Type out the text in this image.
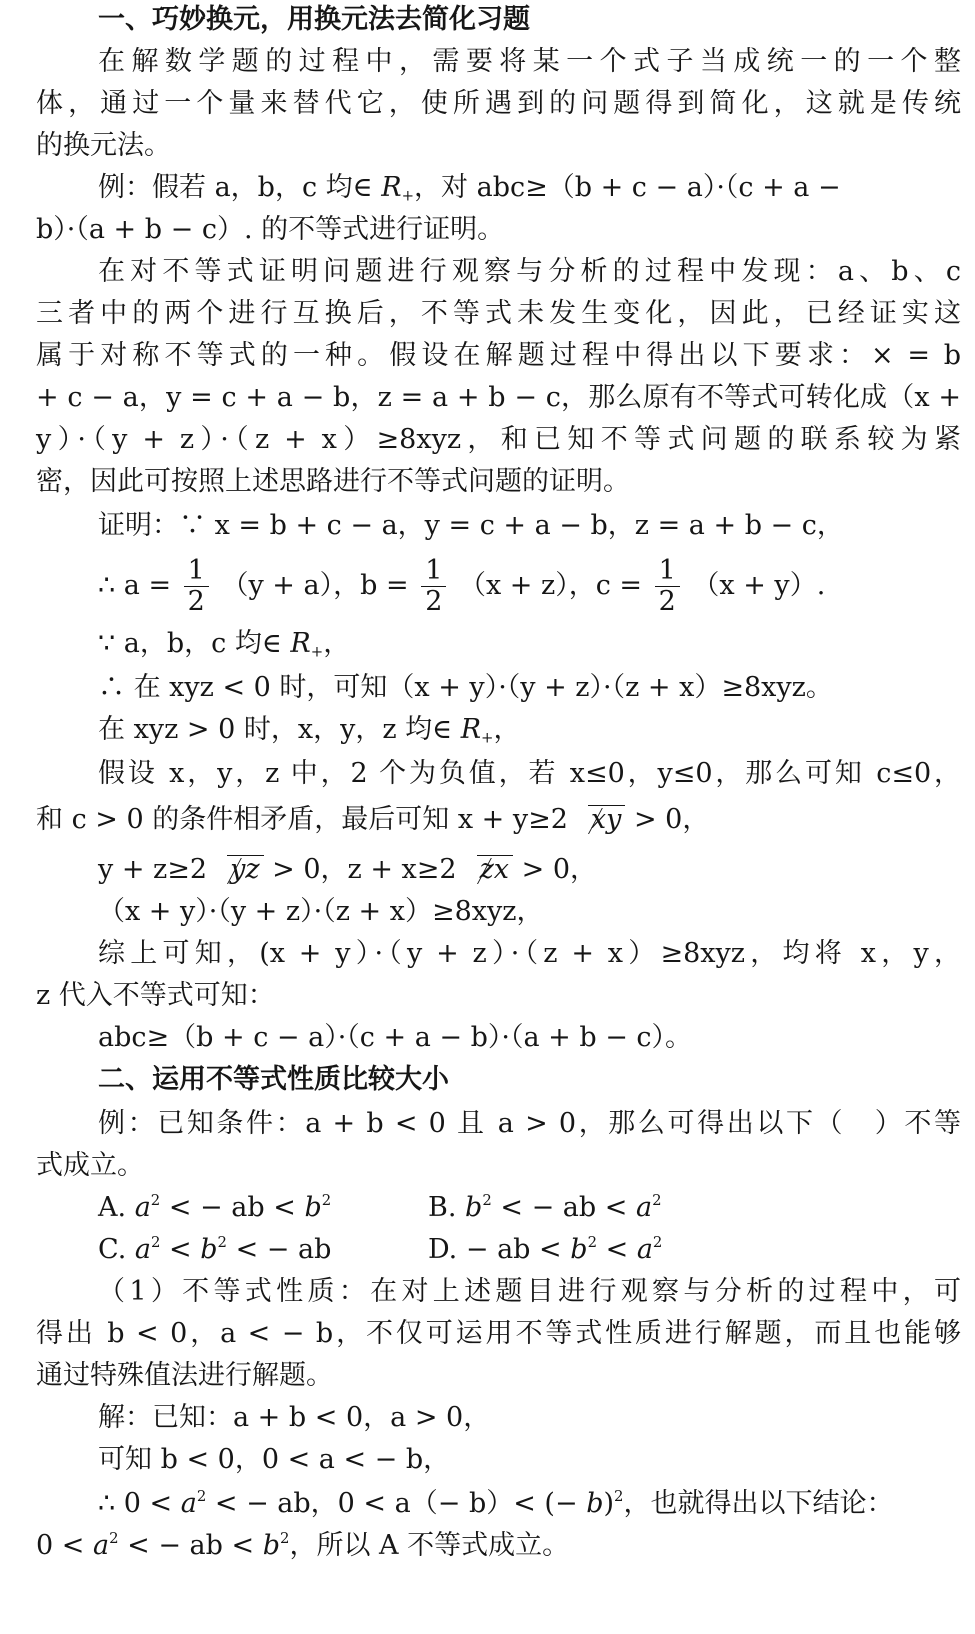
一、巧妙换元，用换元法去简化习题
在解数学题的过程中，需要将某一个式子当成统一的一个整
体，通过一个量来替代它，使所遇到的问题得到简化，这就是传统
的换元法。
例：假若 a，b，c 均∈ $R_+$，对 abc≥（b + c − a）·（c + a −
b）·（a + b − c）. 的不等式进行证明。
在对不等式证明问题进行观察与分析的过程中发现：a、b、c
三者中的两个进行互换后，不等式未发生变化，因此，已经证实这
属于对称不等式的一种。假设在解题过程中得出以下要求：× = b
+ c − a，y = c + a − b，z = a + b − c，那么原有不等式可转化成（x +
y）·（y + z）·（z + x）≥8xyz，和已知不等式问题的联系较为紧
密，因此可按照上述思路进行不等式问题的证明。
证明：∵ x = b + c − a，y = c + a − b，z = a + b − c，
∴ $a = \frac{1}{2} (y + a)$，$b = \frac{1}{2} (x + z)$，$c = \frac{1}{2} (x + y)$.
∵ a，b，c 均∈ $R_+$，
∴ 在 xyz < 0 时，可知（x + y）·（y + z）·（z + x）≥8xyz。
在 xyz > 0 时，x，y，z 均∈ $R_+$，
假设 x，y，z 中，2 个为负值，若 x≤0，y≤0，那么可知 c≤0，
和 c > 0 的条件相矛盾，最后可知 x + y≥2 xy > 0，
y + z≥2 yz > 0，z + x≥2 zx > 0，
（x + y）·（y + z）·（z + x）≥8xyz，
综上可知，(x + y）·（y + z）·（z + x）≥8xyz，均将 x，y，
z 代入不等式可知：
abc≥（b + c − a）·（c + a − b）·（a + b − c）。
二、运用不等式性质比较大小
例：已知条件：a + b < 0 且 a > 0，那么可得出以下（　）不等
式成立。
A. $a^2$ < − ab < $b^2$	B. $b^2$ < − ab < $a^2$
C. $a^2 < b^2$ < − ab	D. − ab < $b^2 < a^2$
（1）不等式性质：在对上述题目进行观察与分析的过程中，可
得出 b < 0，a < − b，不仅可运用不等式性质进行解题，而且也能够
通过特殊值法进行解题。
解：已知：a + b < 0，a > 0，
可知 b < 0，0 < a < − b，
∴ $0 < a^2$ < − ab，0 < a（− b）< (− b)$^2$，也就得出以下结论：
$0 < a^2$ < − ab < $b^2$，所以 A 不等式成立。
